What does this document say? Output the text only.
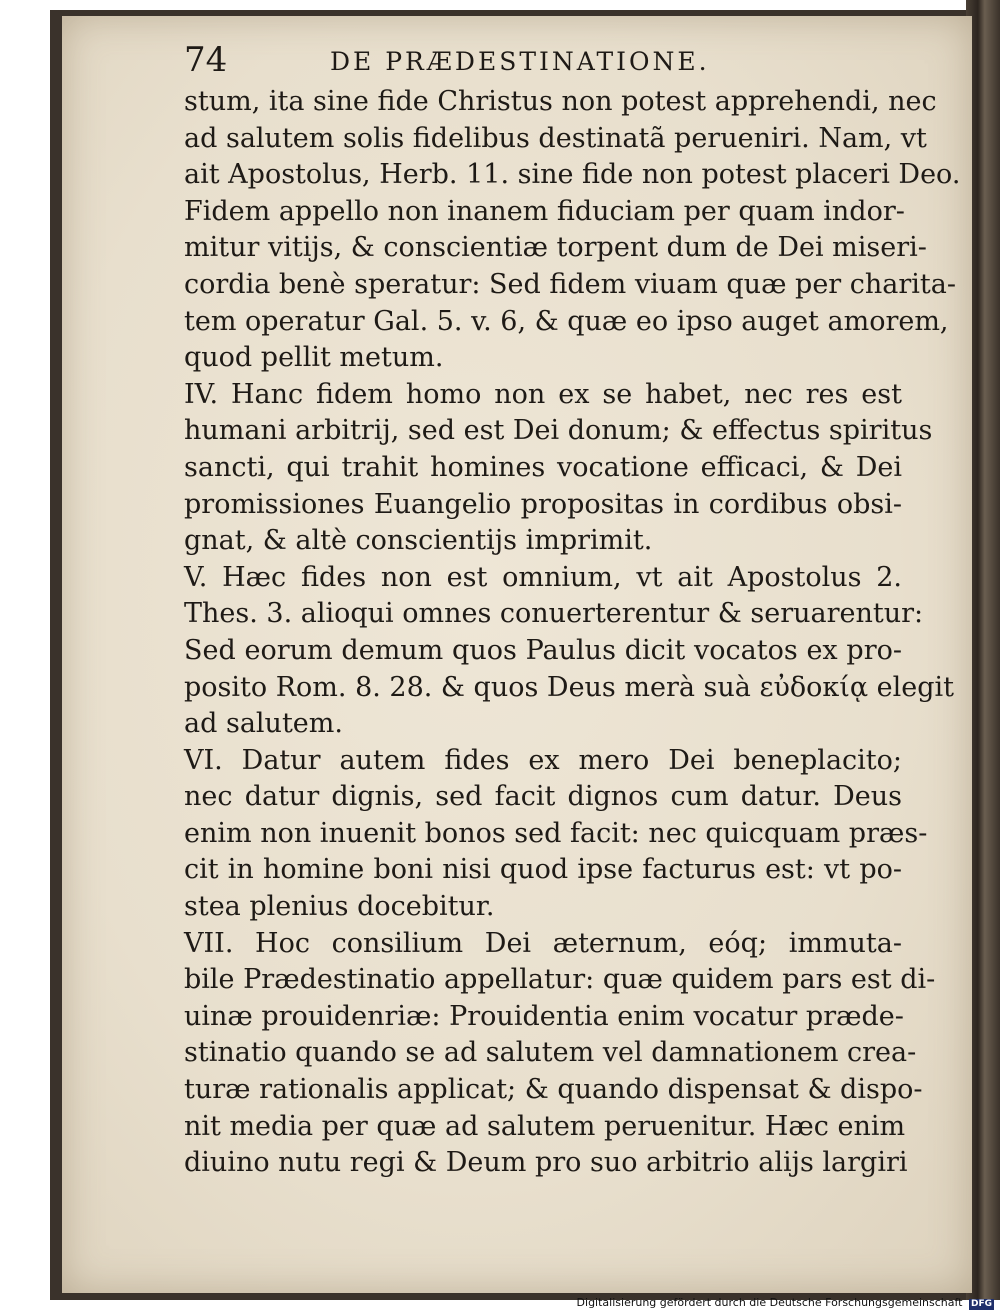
74	DE PRÆDESTINATIONE.
stum, ita sine fide Christus non potest apprehendi, nec
ad salutem solis fidelibus destinatã perueniri. Nam, vt
ait Apostolus, Herb. 11. sine fide non potest placeri Deo.
Fidem appello non inanem fiduciam per quam indor-
mitur vitijs, & conscientiæ torpent dum de Dei miseri-
cordia benè speratur: Sed fidem viuam quæ per charita-
tem operatur Gal. 5. v. 6, & quæ eo ipso auget amorem,
quod pellit metum.
IV. Hanc fidem homo non ex se habet, nec res est
humani arbitrij, sed est Dei donum; & effectus spiritus
sancti, qui trahit homines vocatione efficaci, & Dei
promissiones Euangelio propositas in cordibus obsi-
gnat, & altè conscientijs imprimit.
V. Hæc fides non est omnium, vt ait Apostolus 2.
Thes. 3. alioqui omnes conuerterentur & seruarentur:
Sed eorum demum quos Paulus dicit vocatos ex pro-
posito Rom. 8. 28. & quos Deus merà suà εὐδοκίᾳ elegit
ad salutem.
VI. Datur autem fides ex mero Dei beneplacito;
nec datur dignis, sed facit dignos cum datur. Deus
enim non inuenit bonos sed facit: nec quicquam præs-
cit in homine boni nisi quod ipse facturus est: vt po-
stea plenius docebitur.
VII. Hoc consilium Dei æternum, eóq; immuta-
bile Prædestinatio appellatur: quæ quidem pars est di-
uinæ prouidenriæ: Prouidentia enim vocatur præde-
stinatio quando se ad salutem vel damnationem crea-
turæ rationalis applicat; & quando dispensat & dispo-
nit media per quæ ad salutem peruenitur. Hæc enim
diuino nutu regi & Deum pro suo arbitrio alijs largiri
Digitalisierung gefördert durch die Deutsche Forschungsgemeinschaft DFG
